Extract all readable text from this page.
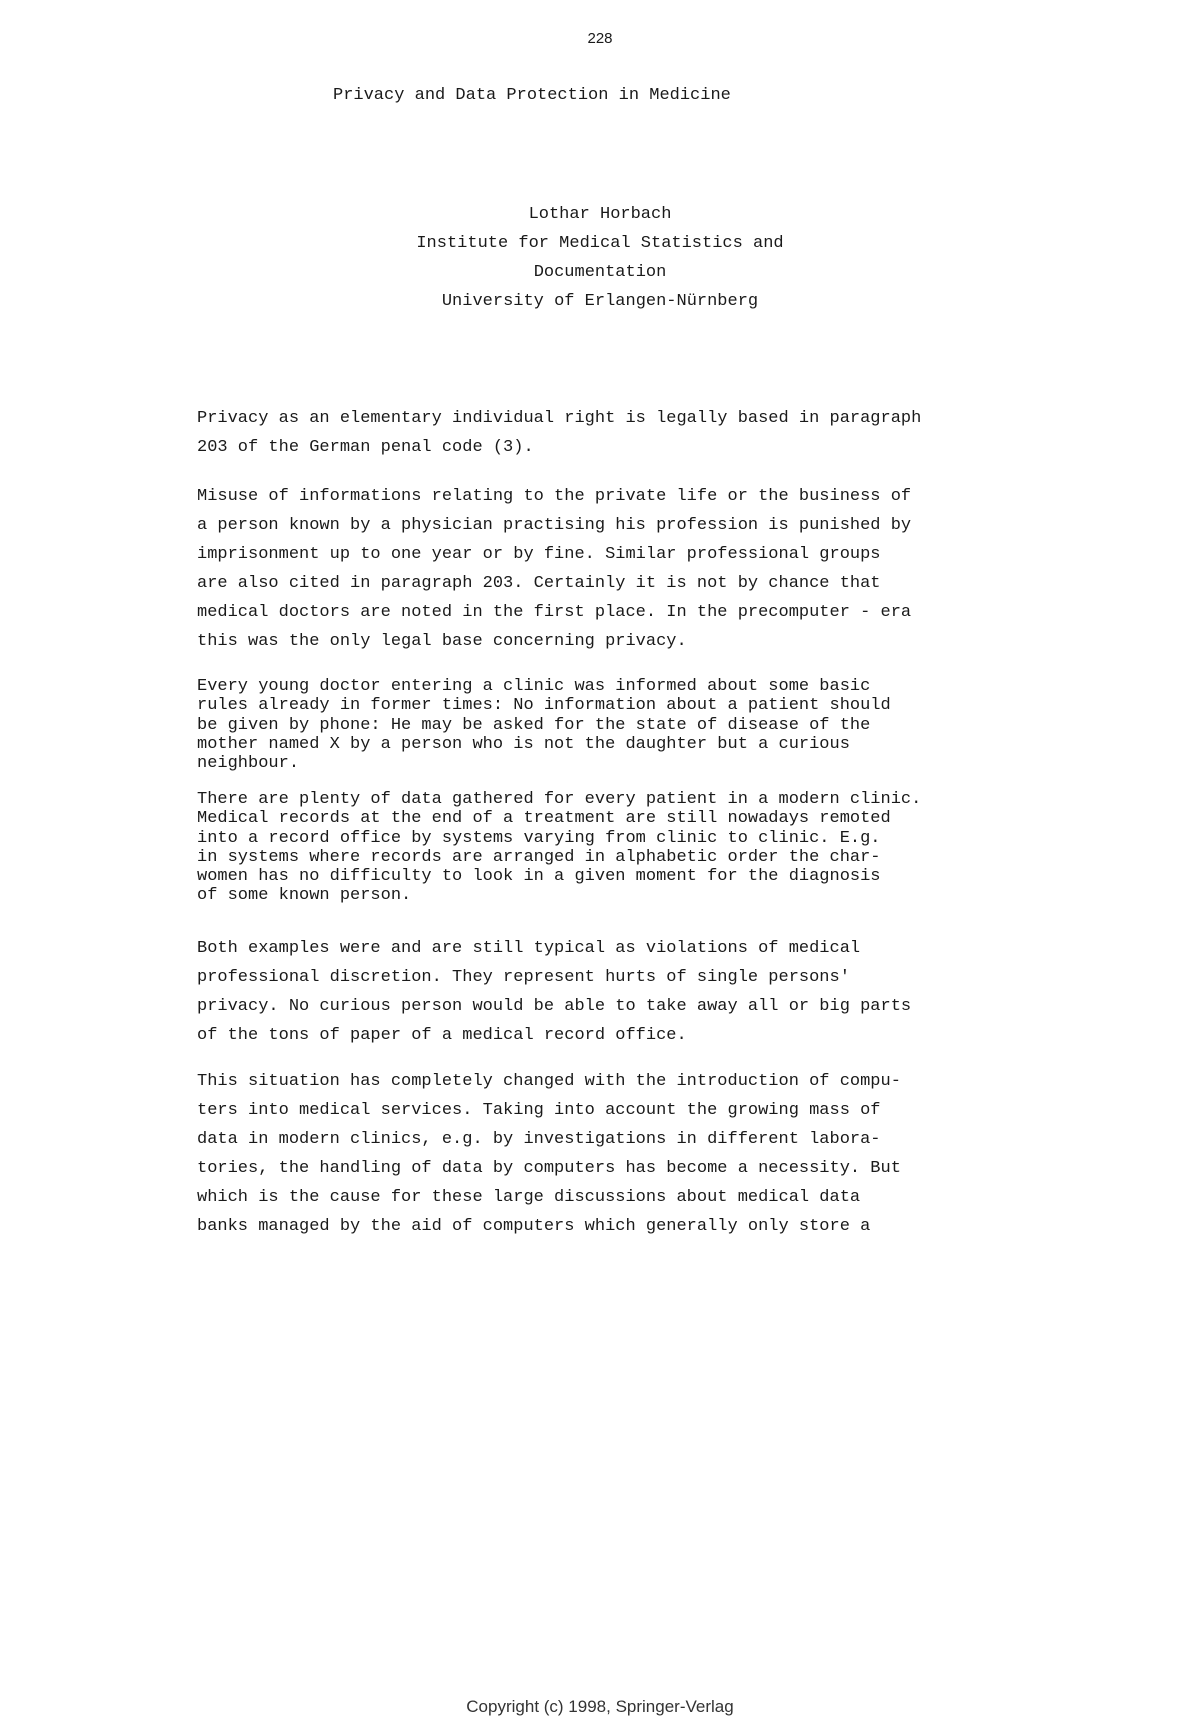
228
Privacy and Data Protection in Medicine
Lothar Horbach
Institute for Medical Statistics and
Documentation
University of Erlangen-Nürnberg
Privacy as an elementary individual right is legally based in paragraph
203 of the German penal code (3).
Misuse of informations relating to the private life or the business of
a person known by a physician practising his profession is punished by
imprisonment up to one year or by fine. Similar professional groups
are also cited in paragraph 203. Certainly it is not by chance that
medical doctors are noted in the first place. In the precomputer - era
this was the only legal base concerning privacy.
Every young doctor entering a clinic was informed about some basic
rules already in former times: No information about a patient should
be given by phone: He may be asked for the state of disease of the
mother named X by a person who is not the daughter but a curious
neighbour.
There are plenty of data gathered for every patient in a modern clinic.
Medical records at the end of a treatment are still nowadays remoted
into a record office by systems varying from clinic to clinic. E.g.
in systems where records are arranged in alphabetic order the char-
women has no difficulty to look in a given moment for the diagnosis
of some known person.
Both examples were and are still typical as violations of medical
professional discretion. They represent hurts of single persons'
privacy. No curious person would be able to take away all or big parts
of the tons of paper of a medical record office.
This situation has completely changed with the introduction of compu-
ters into medical services. Taking into account the growing mass of
data in modern clinics, e.g. by investigations in different labora-
tories, the handling of data by computers has become a necessity. But
which is the cause for these large discussions about medical data
banks managed by the aid of computers which generally only store a
Copyright (c) 1998, Springer-Verlag
